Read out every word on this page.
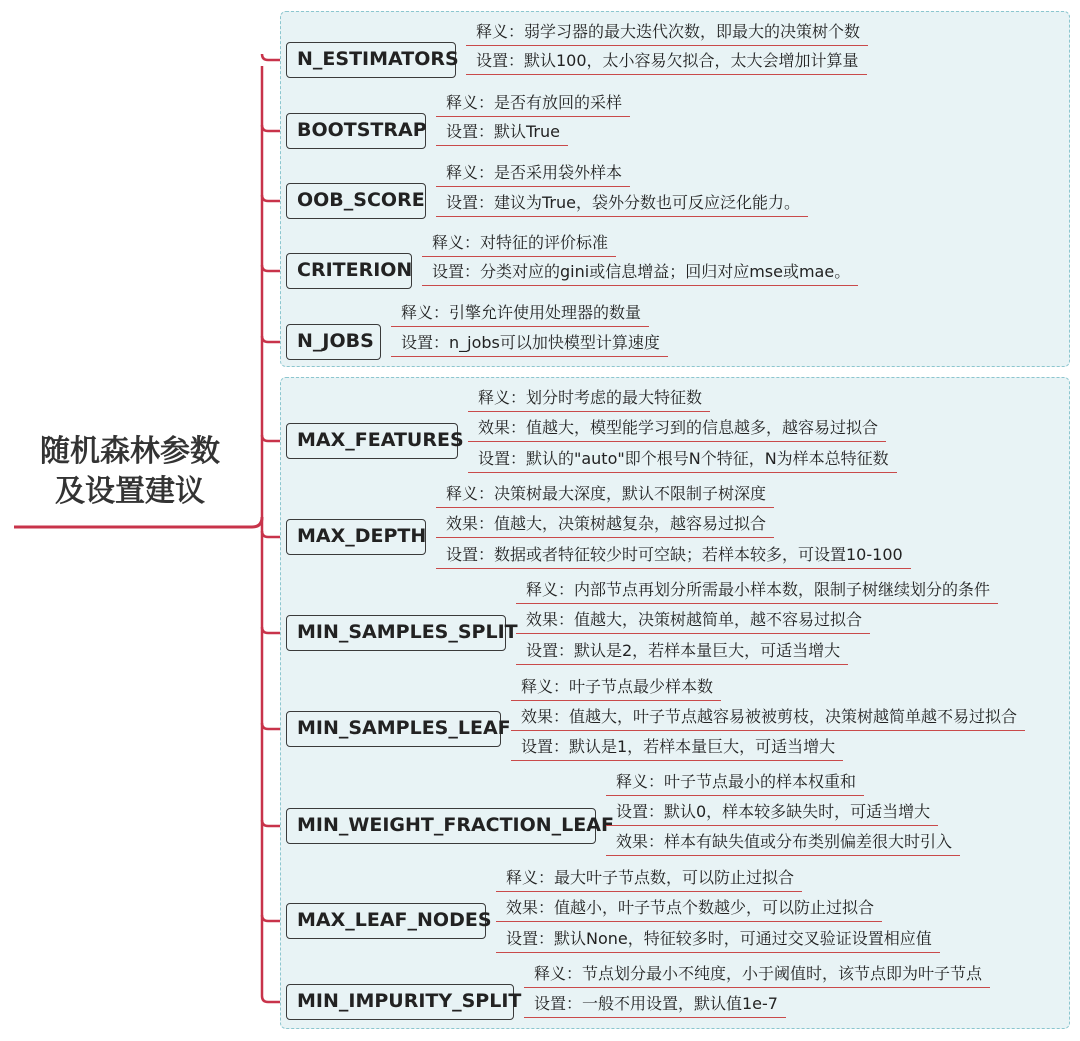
随机森林参数
及设置建议
N_ESTIMATORS
释义：弱学习器的最大迭代次数，即最大的决策树个数
设置：默认100，太小容易欠拟合，太大会增加计算量
BOOTSTRAP
释义：是否有放回的采样
设置：默认True
OOB_SCORE
释义：是否采用袋外样本
设置：建议为True，袋外分数也可反应泛化能力。
CRITERION
释义：对特征的评价标准
设置：分类对应的gini或信息增益；回归对应mse或mae。
N_JOBS
释义：引擎允许使用处理器的数量
设置：n_jobs可以加快模型计算速度
MAX_FEATURES
释义：划分时考虑的最大特征数
效果：值越大，模型能学习到的信息越多，越容易过拟合
设置：默认的"auto"即个根号N个特征，N为样本总特征数
MAX_DEPTH
释义：决策树最大深度，默认不限制子树深度
效果：值越大，决策树越复杂，越容易过拟合
设置：数据或者特征较少时可空缺；若样本较多，可设置10-100
MIN_SAMPLES_SPLIT
释义：内部节点再划分所需最小样本数，限制子树继续划分的条件
效果：值越大，决策树越简单，越不容易过拟合
设置：默认是2，若样本量巨大，可适当增大
MIN_SAMPLES_LEAF
释义：叶子节点最少样本数
效果：值越大，叶子节点越容易被被剪枝，决策树越简单越不易过拟合
设置：默认是1，若样本量巨大，可适当增大
MIN_WEIGHT_FRACTION_LEAF
释义：叶子节点最小的样本权重和
设置：默认0，样本较多缺失时，可适当增大
效果：样本有缺失值或分布类别偏差很大时引入
MAX_LEAF_NODES
释义：最大叶子节点数，可以防止过拟合
效果：值越小，叶子节点个数越少，可以防止过拟合
设置：默认None，特征较多时，可通过交叉验证设置相应值
MIN_IMPURITY_SPLIT
释义：节点划分最小不纯度，小于阈值时，该节点即为叶子节点
设置：一般不用设置，默认值1e-7
